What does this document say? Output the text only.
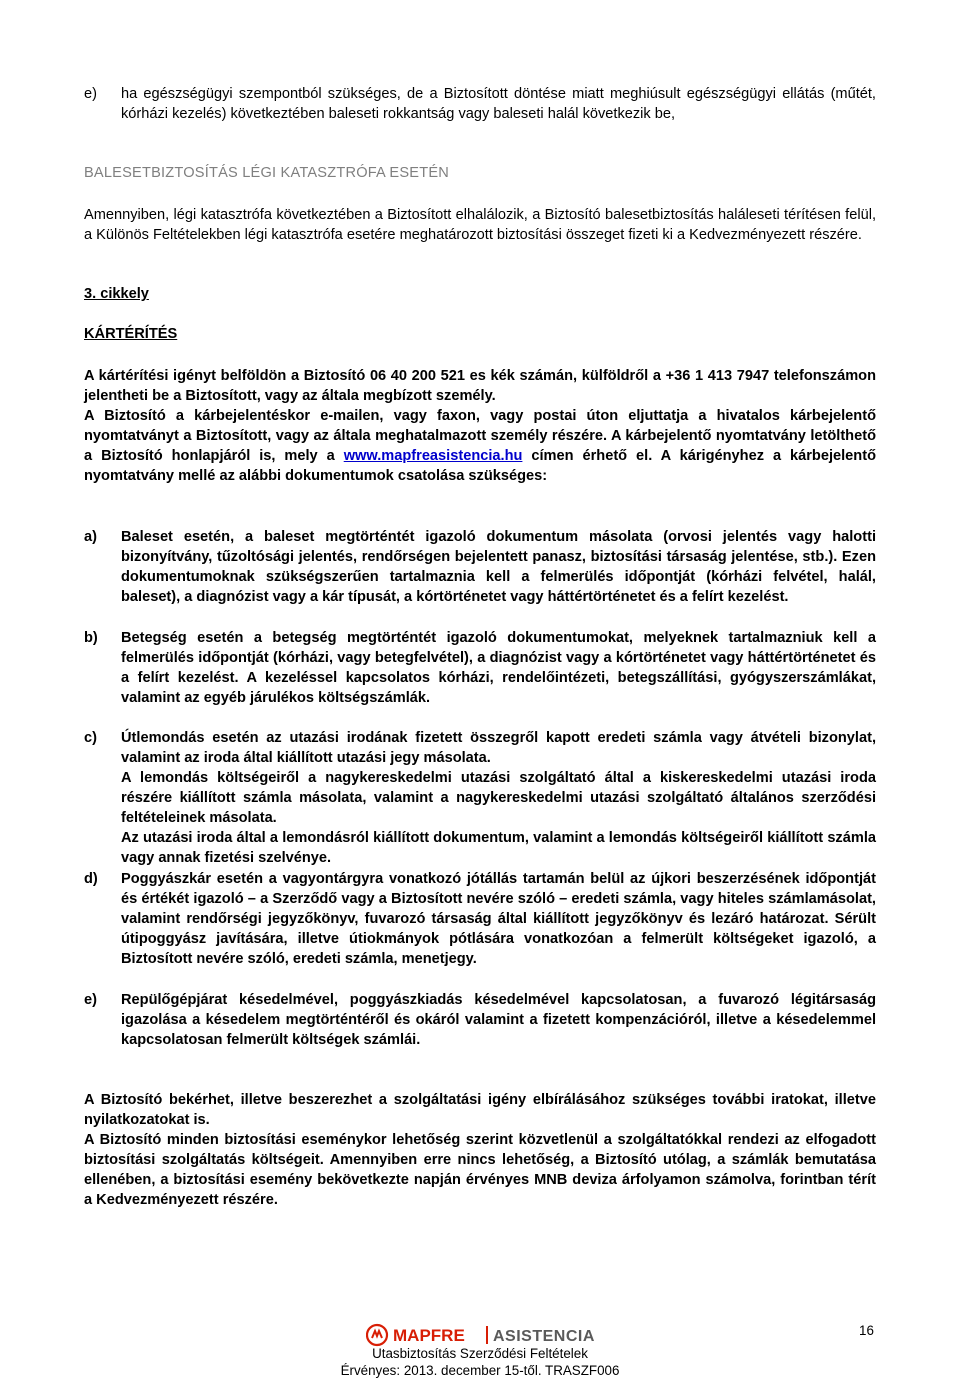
e) ha egészségügyi szempontból szükséges, de a Biztosított döntése miatt meghiúsult egészségügyi ellátás (műtét, kórházi kezelés) következtében baleseti rokkantság vagy baleseti halál következik be,
BALESETBIZTOSÍTÁS LÉGI KATASZTRÓFA ESETÉN
Amennyiben, légi katasztrófa következtében a Biztosított elhalálozik, a Biztosító balesetbiztosítás haláleseti térítésen felül, a Különös Feltételekben légi katasztrófa esetére meghatározott biztosítási összeget fizeti ki a Kedvezményezett részére.
3. cikkely
KÁRTÉRÍTÉS
A kártérítési igényt belföldön a Biztosító 06 40 200 521 es kék számán, külföldről a +36 1 413 7947 telefonszámon jelentheti be a Biztosított, vagy az általa megbízott személy.
A Biztosító a kárbejelentéskor e-mailen, vagy faxon, vagy postai úton eljuttatja a hivatalos kárbejelentő nyomtatványt a Biztosított, vagy az általa meghatalmazott személy részére. A kárbejelentő nyomtatvány letölthető a Biztosító honlapjáról is, mely a www.mapfreasistencia.hu címen érhető el. A kárigényhez a kárbejelentő nyomtatvány mellé az alábbi dokumentumok csatolása szükséges:
a) Baleset esetén, a baleset megtörténtét igazoló dokumentum másolata (orvosi jelentés vagy halotti bizonyítvány, tűzoltósági jelentés, rendőrségen bejelentett panasz, biztosítási társaság jelentése, stb.). Ezen dokumentumoknak szükségszerűen tartalmaznia kell a felmerülés időpontját (kórházi felvétel, halál, baleset), a diagnózist vagy a kár típusát, a kórtörténetet vagy háttértörténetet és a felírt kezelést.
b) Betegség esetén a betegség megtörténtét igazoló dokumentumokat, melyeknek tartalmazniuk kell a felmerülés időpontját (kórházi, vagy betegfelvétel), a diagnózist vagy a kórtörténetet vagy háttértörténetet és a felírt kezelést. A kezeléssel kapcsolatos kórházi, rendelőintézeti, betegszállítási, gyógyszerszámlákat, valamint az egyéb járulékos költségszámlák.
c) Útlemondás esetén az utazási irodának fizetett összegről kapott eredeti számla vagy átvételi bizonylat, valamint az iroda által kiállított utazási jegy másolata.
A lemondás költségeiről a nagykereskedelmi utazási szolgáltató által a kiskereskedelmi utazási iroda részére kiállított számla másolata, valamint a nagykereskedelmi utazási szolgáltató általános szerződési feltételeinek másolata.
Az utazási iroda által a lemondásról kiállított dokumentum, valamint a lemondás költségeiről kiállított számla vagy annak fizetési szelvénye.
d) Poggyászkár esetén a vagyontárgyra vonatkozó jótállás tartamán belül az újkori beszerzésének időpontját és értékét igazoló – a Szerződő vagy a Biztosított nevére szóló – eredeti számla, vagy hiteles számlamásolat, valamint rendőrségi jegyzőkönyv, fuvarozó társaság által kiállított jegyzőkönyv és lezáró határozat. Sérült útipoggyász javítására, illetve útiokmányok pótlására vonatkozóan a felmerült költségeket igazoló, a Biztosított nevére szóló, eredeti számla, menetjegy.
e) Repülőgépjárat késedelmével, poggyászkiadás késedelmével kapcsolatosan, a fuvarozó légitársaság igazolása a késedelem megtörténtéről és okáról valamint a fizetett kompenzációról, illetve a késedelemmel kapcsolatosan felmerült költségek számlái.
A Biztosító bekérhet, illetve beszerezhet a szolgáltatási igény elbírálásához szükséges további iratokat, illetve nyilatkozatokat is.
A Biztosító minden biztosítási eseménykor lehetőség szerint közvetlenül a szolgáltatókkal rendezi az elfogadott biztosítási szolgáltatás költségeit. Amennyiben erre nincs lehetőség, a Biztosító utólag, a számlák bemutatása ellenében, a biztosítási esemény bekövetkezte napján érvényes MNB deviza árfolyamon számolva, forintban térít a Kedvezményezett részére.
MAPFRE ASISTENCIA	16
Utasbiztosítás Szerződési Feltételek
Érvényes: 2013. december 15-től. TRASZF006
